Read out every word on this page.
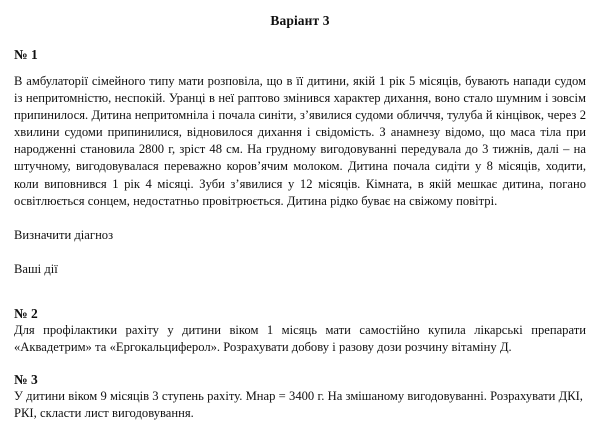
Варіант 3

№ 1

В амбулаторії сімейного типу мати розповіла, що в її дитини, якій 1 рік 5 місяців, бувають напади судом із непритомністю, неспокій. Уранці в неї раптово змінився характер дихання, воно стало шумним і зовсім припинилося. Дитина непритомніла і почала синіти, з’явилися судоми обличчя, тулуба й кінцівок, через 2 хвилини судоми припинилися, відновилося дихання і свідомість. З анамнезу відомо, що маса тіла при народженні становила 2800 г, зріст 48 см. На грудному вигодовуванні передувала до 3 тижнів, далі – на штучному, вигодовувалася переважно коров’ячим молоком. Дитина почала сидіти у 8 місяців, ходити, коли виповнився 1 рік 4 місяці. Зуби з’явилися у 12 місяців. Кімната, в якій мешкає дитина, погано освітлюється сонцем, недостатньо провітрюється. Дитина рідко буває на свіжому повітрі.

Визначити діагноз

Ваші дії

№ 2

Для профілактики рахіту у дитини віком 1 місяць мати самостійно купила лікарські препарати «Аквадетрим» та «Ергокальциферол». Розрахувати добову і разову дози розчину вітаміну Д.

№ 3

У дитини віком 9 місяців 3 ступень рахіту. Мнар = 3400 г. На змішаному вигодовуванні. Розрахувати ДКІ, РКІ, скласти лист вигодовування.
